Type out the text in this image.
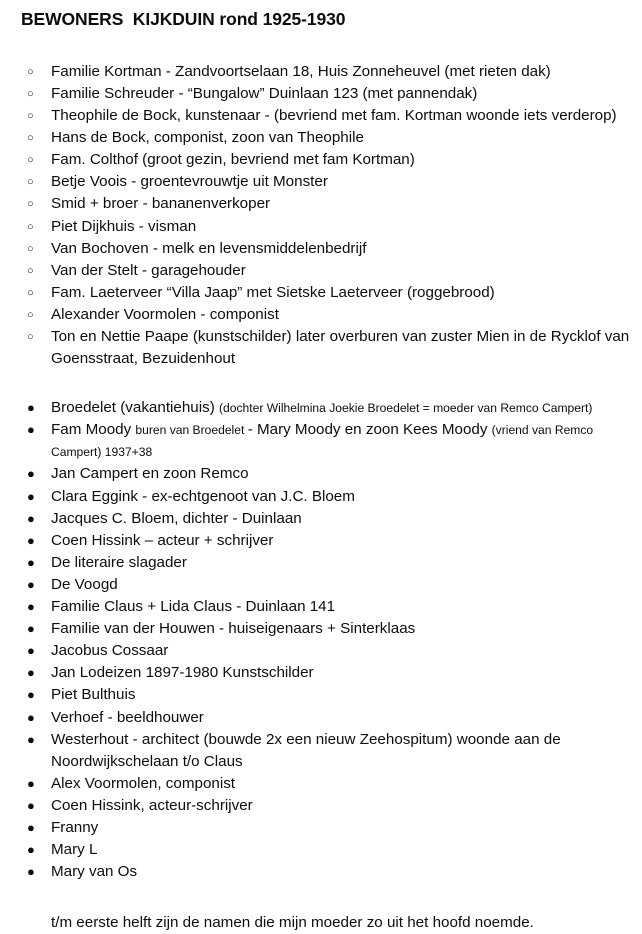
BEWONERS  KIJKDUIN rond 1925-1930
○ Familie Kortman - Zandvoortselaan 18, Huis Zonneheuvel (met rieten dak)
○ Familie Schreuder - “Bungalow” Duinlaan 123 (met pannendak)
○ Theophile de Bock, kunstenaar - (bevriend met fam. Kortman woonde iets verderop)
○ Hans de Bock, componist, zoon van Theophile
○ Fam. Colthof (groot gezin, bevriend met fam Kortman)
○ Betje Voois - groentevrouwtje uit Monster
○ Smid + broer - bananenverkoper
○ Piet Dijkhuis - visman
○ Van Bochoven - melk en levensmiddelenbedrijf
○ Van der Stelt - garagehouder
○ Fam. Laeterveer “Villa Jaap” met Sietske Laeterveer (roggebrood)
○ Alexander Voormolen - componist
○ Ton en Nettie Paape (kunstschilder) later overburen van zuster Mien in de Rycklof van Goensstraat, Bezuidenhout
● Broedelet (vakantiehuis) (dochter Wilhelmina Joekie Broedelet = moeder van Remco Campert)
● Fam Moody buren van Broedelet - Mary Moody en zoon Kees Moody (vriend van Remco Campert) 1937+38
● Jan Campert en zoon Remco
● Clara Eggink - ex-echtgenoot van J.C. Bloem
● Jacques C. Bloem, dichter - Duinlaan
● Coen Hissink – acteur + schrijver
● De literaire slagader
● De Voogd
● Familie Claus + Lida Claus - Duinlaan 141
● Familie van der Houwen - huiseigenaars + Sinterklaas
● Jacobus Cossaar
● Jan Lodeizen 1897-1980 Kunstschilder
● Piet Bulthuis
● Verhoef - beeldhouwer
● Westerhout - architect (bouwde 2x een nieuw Zeehospitum) woonde aan de Noordwijkschelaan t/o Claus
● Alex Voormolen, componist
● Coen Hissink, acteur-schrijver
● Franny
● Mary L
● Mary van Os

t/m eerste helft zijn de namen die mijn moeder zo uit het hoofd noemde.
